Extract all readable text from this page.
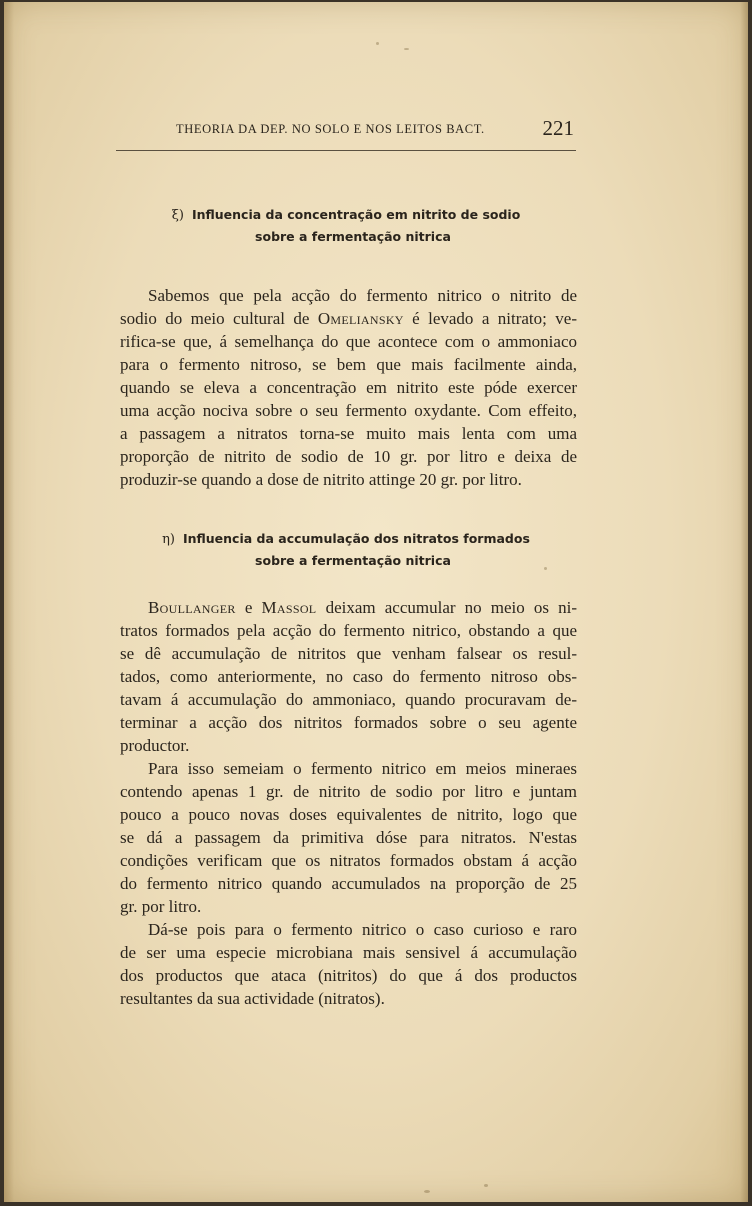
THEORIA DA DEP. NO SOLO E NOS LEITOS BACT.	221
ξ) Influencia da concentração em nitrito de sodio
sobre a fermentação nitrica
Sabemos que pela acção do fermento nitrico o nitrito de
sodio do meio cultural de Omeliansky é levado a nitrato; ve-
rifica-se que, á semelhança do que acontece com o ammoniaco
para o fermento nitroso, se bem que mais facilmente ainda,
quando se eleva a concentração em nitrito este póde exercer
uma acção nociva sobre o seu fermento oxydante. Com effeito,
a passagem a nitratos torna-se muito mais lenta com uma
proporção de nitrito de sodio de 10 gr. por litro e deixa de
produzir-se quando a dose de nitrito attinge 20 gr. por litro.
η) Influencia da accumulação dos nitratos formados
sobre a fermentação nitrica
Boullanger e Massol deixam accumular no meio os ni-
tratos formados pela acção do fermento nitrico, obstando a que
se dê accumulação de nitritos que venham falsear os resul-
tados, como anteriormente, no caso do fermento nitroso obs-
tavam á accumulação do ammoniaco, quando procuravam de-
terminar a acção dos nitritos formados sobre o seu agente
productor.
Para isso semeiam o fermento nitrico em meios mineraes
contendo apenas 1 gr. de nitrito de sodio por litro e juntam
pouco a pouco novas doses equivalentes de nitrito, logo que
se dá a passagem da primitiva dóse para nitratos. N'estas
condições verificam que os nitratos formados obstam á acção
do fermento nitrico quando accumulados na proporção de 25
gr. por litro.
Dá-se pois para o fermento nitrico o caso curioso e raro
de ser uma especie microbiana mais sensivel á accumulação
dos productos que ataca (nitritos) do que á dos productos
resultantes da sua actividade (nitratos).
